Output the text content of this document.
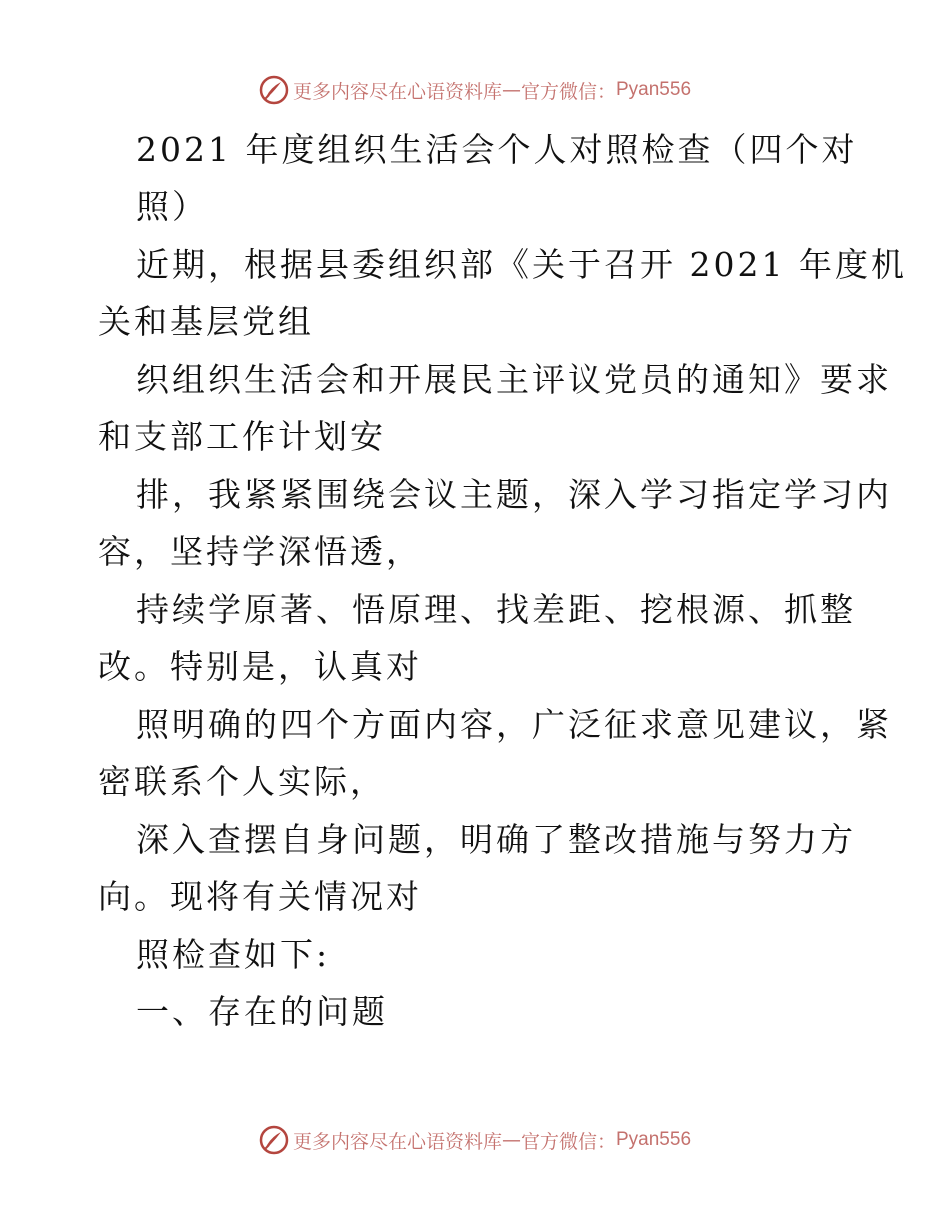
更多内容尽在心语资料库 — 官方微信： Pyan556
2021 年度组织生活会个人对照检查（四个对
照）
近期，根据县委组织部《关于召开 2021 年度机
关和基层党组
织组织生活会和开展民主评议党员的通知》要求
和支部工作计划安
排，我紧紧围绕会议主题，深入学习指定学习内
容，坚持学深悟透，
持续学原著、悟原理、找差距、挖根源、抓整
改。特别是，认真对
照明确的四个方面内容，广泛征求意见建议，紧
密联系个人实际，
深入查摆自身问题，明确了整改措施与努力方
向。现将有关情况对
照检查如下:
一、存在的问题
更多内容尽在心语资料库 — 官方微信： Pyan556
